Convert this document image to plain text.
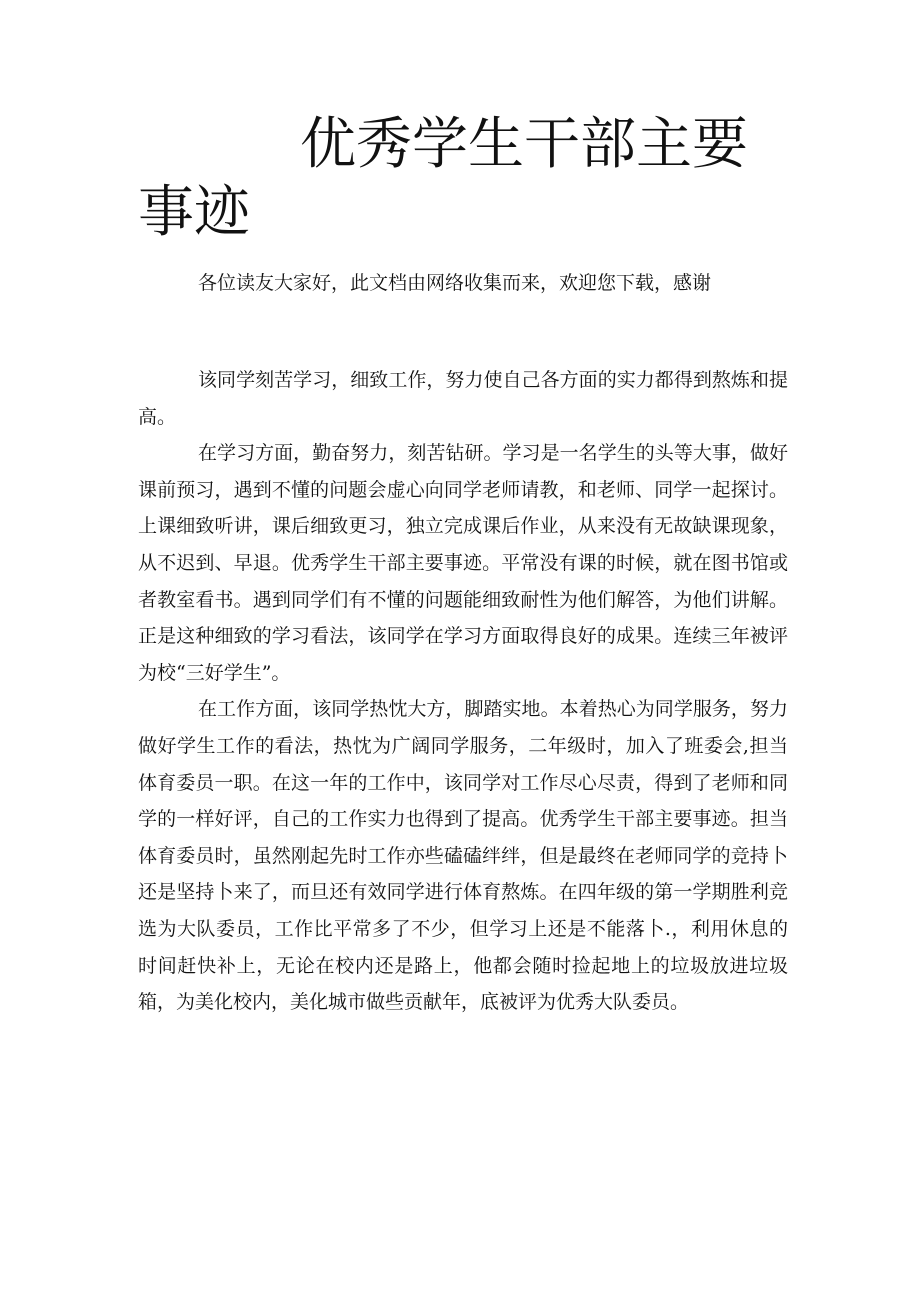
优秀学生干部主要
事迹
各位读友大家好，此文档由网络收集而来，欢迎您下载，感谢

该同学刻苦学习，细致工作，努力使自己各方面的实力都得到熬炼和提高。

在学习方面，勤奋努力，刻苦钻研。学习是一名学生的头等大事，做好课前预习，遇到不懂的问题会虚心向同学老师请教，和老师、同学一起探讨。上课细致听讲，课后细致更习，独立完成课后作业，从来没有无故缺课现象，从不迟到、早退。优秀学生干部主要事迹。平常没有课的时候，就在图书馆或者教室看书。遇到同学们有不懂的问题能细致耐性为他们解答，为他们讲解。正是这种细致的学习看法，该同学在学习方面取得良好的成果。连续三年被评为校“三好学生”。

在工作方面，该同学热忱大方，脚踏实地。本着热心为同学服务，努力做好学生工作的看法，热忱为广阔同学服务，二年级时，加入了班委会,担当体育委员一职。在这一年的工作中，该同学对工作尽心尽责，得到了老师和同学的一样好评，自己的工作实力也得到了提高。优秀学生干部主要事迹。担当体育委员时，虽然刚起先时工作亦些磕磕绊绊，但是最终在老师同学的竞持卜还是坚持卜来了，而旦还有效同学进行体育熬炼。在四年级的第一学期胜利竞选为大队委员，工作比平常多了不少，但学习上还是不能落卜.，利用休息的时间赶快补上，无论在校内还是路上，他都会随时捡起地上的垃圾放进垃圾箱，为美化校内，美化城市做些贡献年，底被评为优秀大队委员。
